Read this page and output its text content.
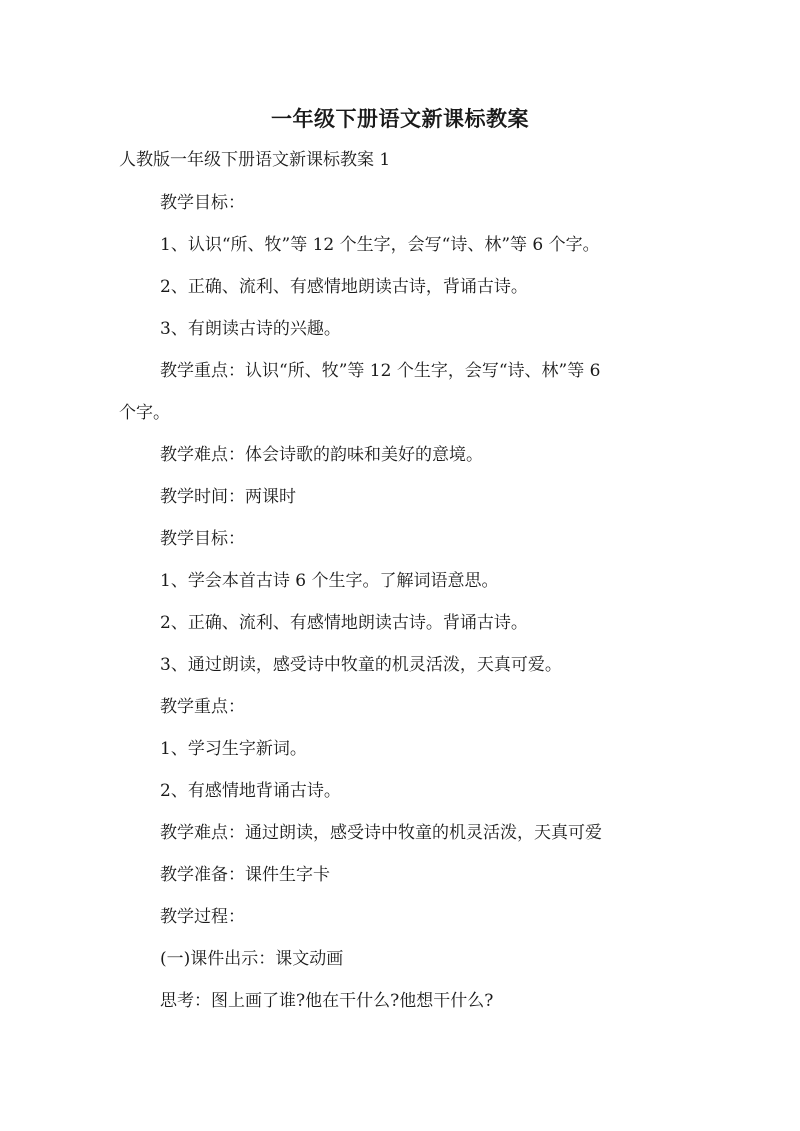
一年级下册语文新课标教案
人教版一年级下册语文新课标教案 1
教学目标：
1、认识“所、牧”等 12 个生字，会写“诗、林”等 6 个字。
2、正确、流利、有感情地朗读古诗，背诵古诗。
3、有朗读古诗的兴趣。
教学重点：认识“所、牧”等 12 个生字，会写“诗、林”等 6
个字。
教学难点：体会诗歌的韵味和美好的意境。
教学时间：两课时
教学目标：
1、学会本首古诗 6 个生字。了解词语意思。
2、正确、流利、有感情地朗读古诗。背诵古诗。
3、通过朗读，感受诗中牧童的机灵活泼，天真可爱。
教学重点：
1、学习生字新词。
2、有感情地背诵古诗。
教学难点：通过朗读，感受诗中牧童的机灵活泼，天真可爱
教学准备：课件生字卡
教学过程：
(一)课件出示：课文动画
思考：图上画了谁?他在干什么?他想干什么?
